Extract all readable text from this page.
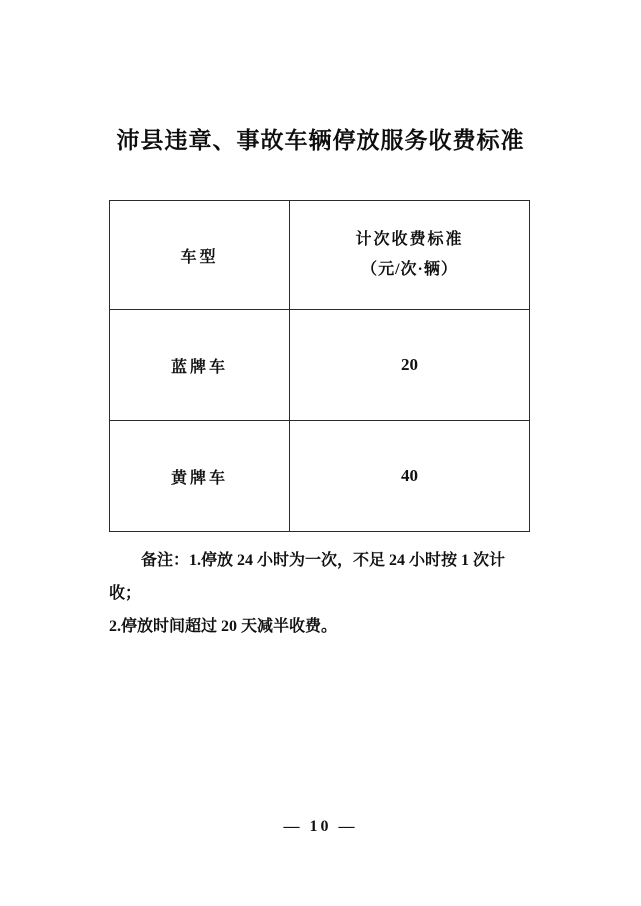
沛县违章、事故车辆停放服务收费标准
车型	计次收费标准
（元/次·辆）

蓝牌车	20
黄牌车	40
备注：1.停放 24 小时为一次，不足 24 小时按 1 次计收；
2.停放时间超过 20 天减半收费。
— 10 —
